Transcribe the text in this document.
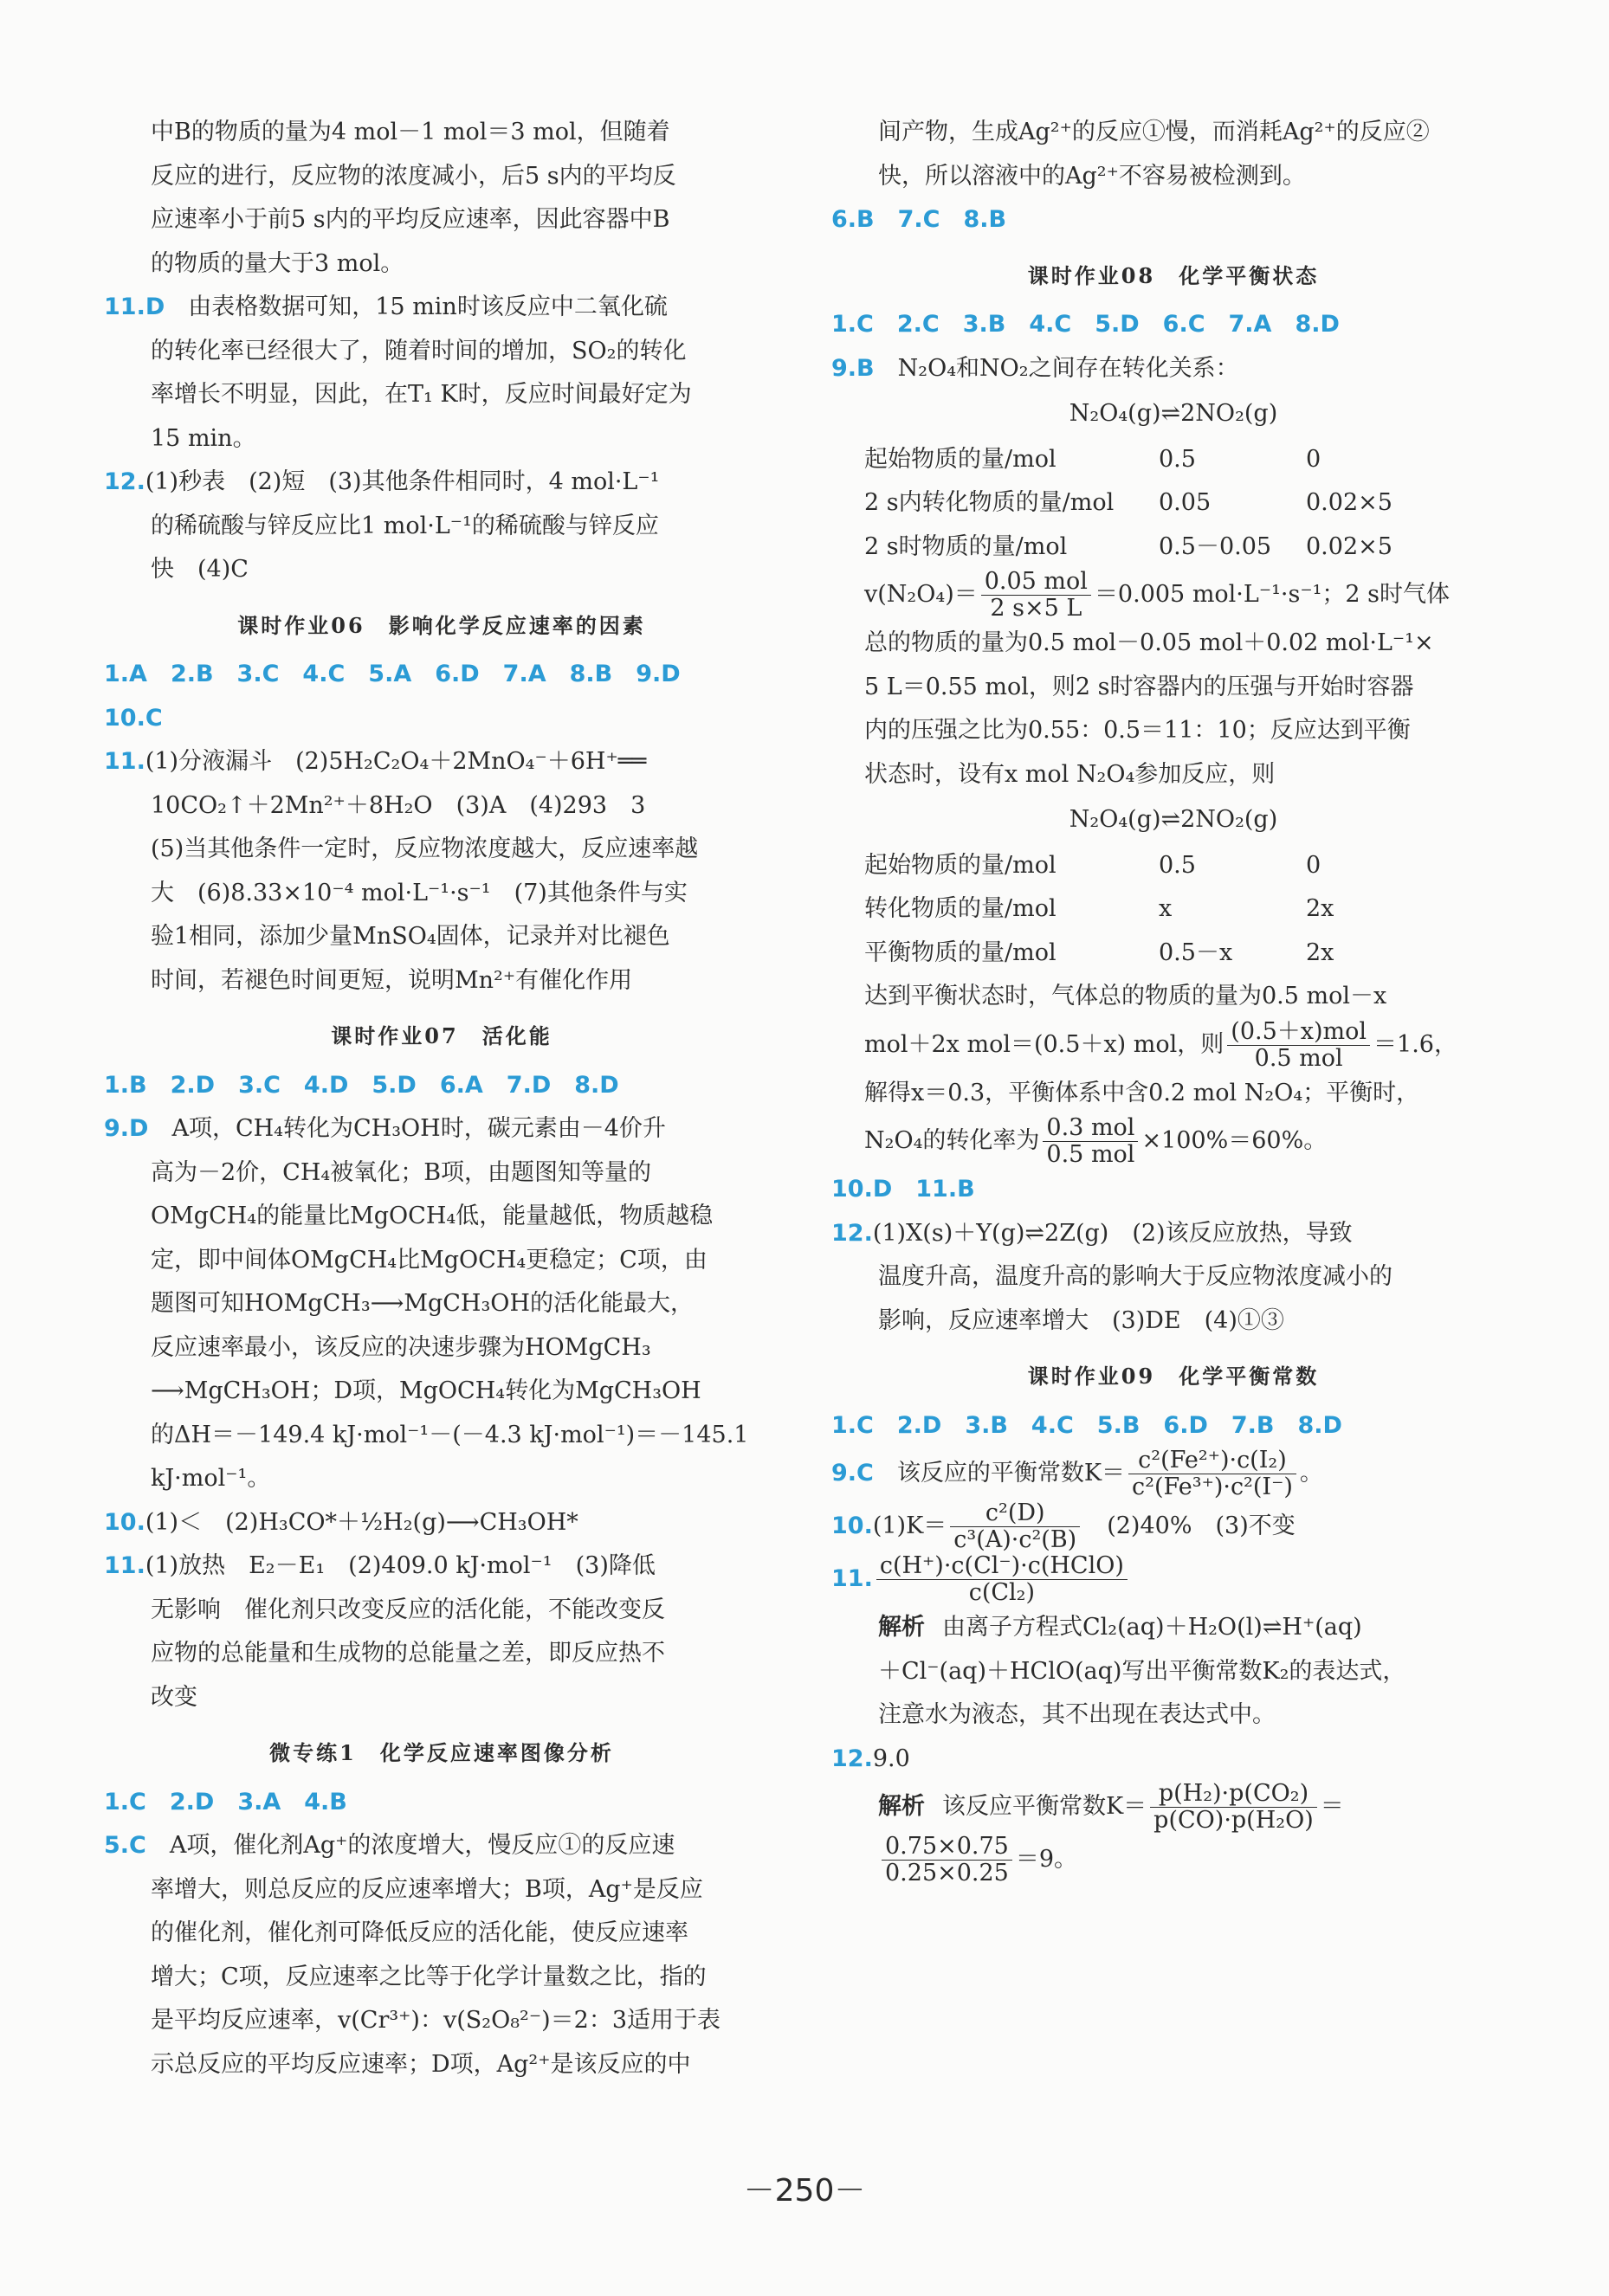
中B的物质的量为4 mol－1 mol＝3 mol，但随着

反应的进行，反应物的浓度减小，后5 s内的平均反

应速率小于前5 s内的平均反应速率，因此容器中B

的物质的量大于3 mol。

11.D　由表格数据可知，15 min时该反应中二氧化硫

的转化率已经很大了，随着时间的增加，SO₂的转化

率增长不明显，因此，在T₁ K时，反应时间最好定为

15 min。

12.(1)秒表　(2)短　(3)其他条件相同时，4 mol·L⁻¹

的稀硫酸与锌反应比1 mol·L⁻¹的稀硫酸与锌反应

快　(4)C

课时作业06　影响化学反应速率的因素

1.A　2.B　3.C　4.C　5.A　6.D　7.A　8.B　9.D

10.C

11.(1)分液漏斗　(2)5H₂C₂O₄＋2MnO₄⁻＋6H⁺══

10CO₂↑＋2Mn²⁺＋8H₂O　(3)A　(4)293　3

(5)当其他条件一定时，反应物浓度越大，反应速率越

大　(6)8.33×10⁻⁴ mol·L⁻¹·s⁻¹　(7)其他条件与实

验1相同，添加少量MnSO₄固体，记录并对比褪色

时间，若褪色时间更短，说明Mn²⁺有催化作用

课时作业07　活化能

1.B　2.D　3.C　4.D　5.D　6.A　7.D　8.D

9.D　A项，CH₄转化为CH₃OH时，碳元素由－4价升

高为－2价，CH₄被氧化；B项，由题图知等量的

OMgCH₄的能量比MgOCH₄低，能量越低，物质越稳

定，即中间体OMgCH₄比MgOCH₄更稳定；C项，由

题图可知HOMgCH₃⟶MgCH₃OH的活化能最大，

反应速率最小，该反应的决速步骤为HOMgCH₃

⟶MgCH₃OH；D项，MgOCH₄转化为MgCH₃OH

的ΔH＝－149.4 kJ·mol⁻¹－(－4.3 kJ·mol⁻¹)＝－145.1

kJ·mol⁻¹。

10.(1)＜　(2)H₃CO*＋½H₂(g)⟶CH₃OH*

11.(1)放热　E₂－E₁　(2)409.0 kJ·mol⁻¹　(3)降低

无影响　催化剂只改变反应的活化能，不能改变反

应物的总能量和生成物的总能量之差，即反应热不

改变

微专练1　化学反应速率图像分析

1.C　2.D　3.A　4.B

5.C　A项，催化剂Ag⁺的浓度增大，慢反应①的反应速

率增大，则总反应的反应速率增大；B项，Ag⁺是反应

的催化剂，催化剂可降低反应的活化能，使反应速率

增大；C项，反应速率之比等于化学计量数之比，指的

是平均反应速率，v(Cr³⁺)：v(S₂O₈²⁻)＝2：3适用于表

示总反应的平均反应速率；D项，Ag²⁺是该反应的中

间产物，生成Ag²⁺的反应①慢，而消耗Ag²⁺的反应②

快，所以溶液中的Ag²⁺不容易被检测到。

6.B　7.C　8.B

课时作业08　化学平衡状态

1.C　2.C　3.B　4.C　5.D　6.C　7.A　8.D

9.B　N₂O₄和NO₂之间存在转化关系：

N₂O₄(g)⇌2NO₂(g)

起始物质的量/mol	0.5	0
2 s内转化物质的量/mol	0.05	0.02×5
2 s时物质的量/mol	0.5－0.05	0.02×5

$v(N_2O_4)= \frac{\text{0.05 mol}}{2 s\times 5 L} =0.005$ mol·L⁻¹·s⁻¹；2 s时气体

总的物质的量为0.5 mol－0.05 mol＋0.02 mol·L⁻¹×

5 L＝0.55 mol，则2 s时容器内的压强与开始时容器

内的压强之比为0.55：0.5＝11：10；反应达到平衡

状态时，设有x mol N₂O₄参加反应，则

N₂O₄(g)⇌2NO₂(g)

起始物质的量/mol	0.5	0
转化物质的量/mol	x	2x
平衡物质的量/mol	0.5－x	2x

达到平衡状态时，气体总的物质的量为0.5 mol－x

mol＋2x mol＝(0.5＋x) mol，则 $\frac{\text{(0.5＋x)mol}}{\text{0.5 mol}} =1.6$，

解得x＝0.3，平衡体系中含0.2 mol N₂O₄；平衡时，

N₂O₄的转化率为 $\frac{\text{0.3 mol}}{\text{0.5 mol}} \times 100\%=60\%$。

10.D　11.B

12.(1)X(s)＋Y(g)⇌2Z(g)　(2)该反应放热，导致

温度升高，温度升高的影响大于反应物浓度减小的

影响，反应速率增大　(3)DE　(4)①③

课时作业09　化学平衡常数

1.C　2.D　3.B　4.C　5.B　6.D　7.B　8.D

9.C　该反应的平衡常数$K= \frac{\text{c²(Fe²⁺)·c(I₂)}}{\text{c²(Fe³⁺)·c²(I⁻)}}$ 。

$10.(1)K= \frac{\text{c²(D)}}{\text{c³(A)·c²(B)}}$ 　(2)40%　(3)不变

11. $\frac{\text{c(H⁺)·c(Cl⁻)·c(HClO)}}{\text{c(Cl₂)}}$

解析 由离子方程式Cl₂(aq)＋H₂O(l)⇌H⁺(aq)

＋Cl⁻(aq)＋HClO(aq)写出平衡常数K₂的表达式，

注意水为液态，其不出现在表达式中。

12.9.0

解析 该反应平衡常数$K= \frac{\text{p(H₂)·p(CO₂)}}{\text{p(CO)·p(H₂O)}}$ ＝

$\frac{0.75\times 0.75}{0.25\times 0.25} =9$。

－250－
